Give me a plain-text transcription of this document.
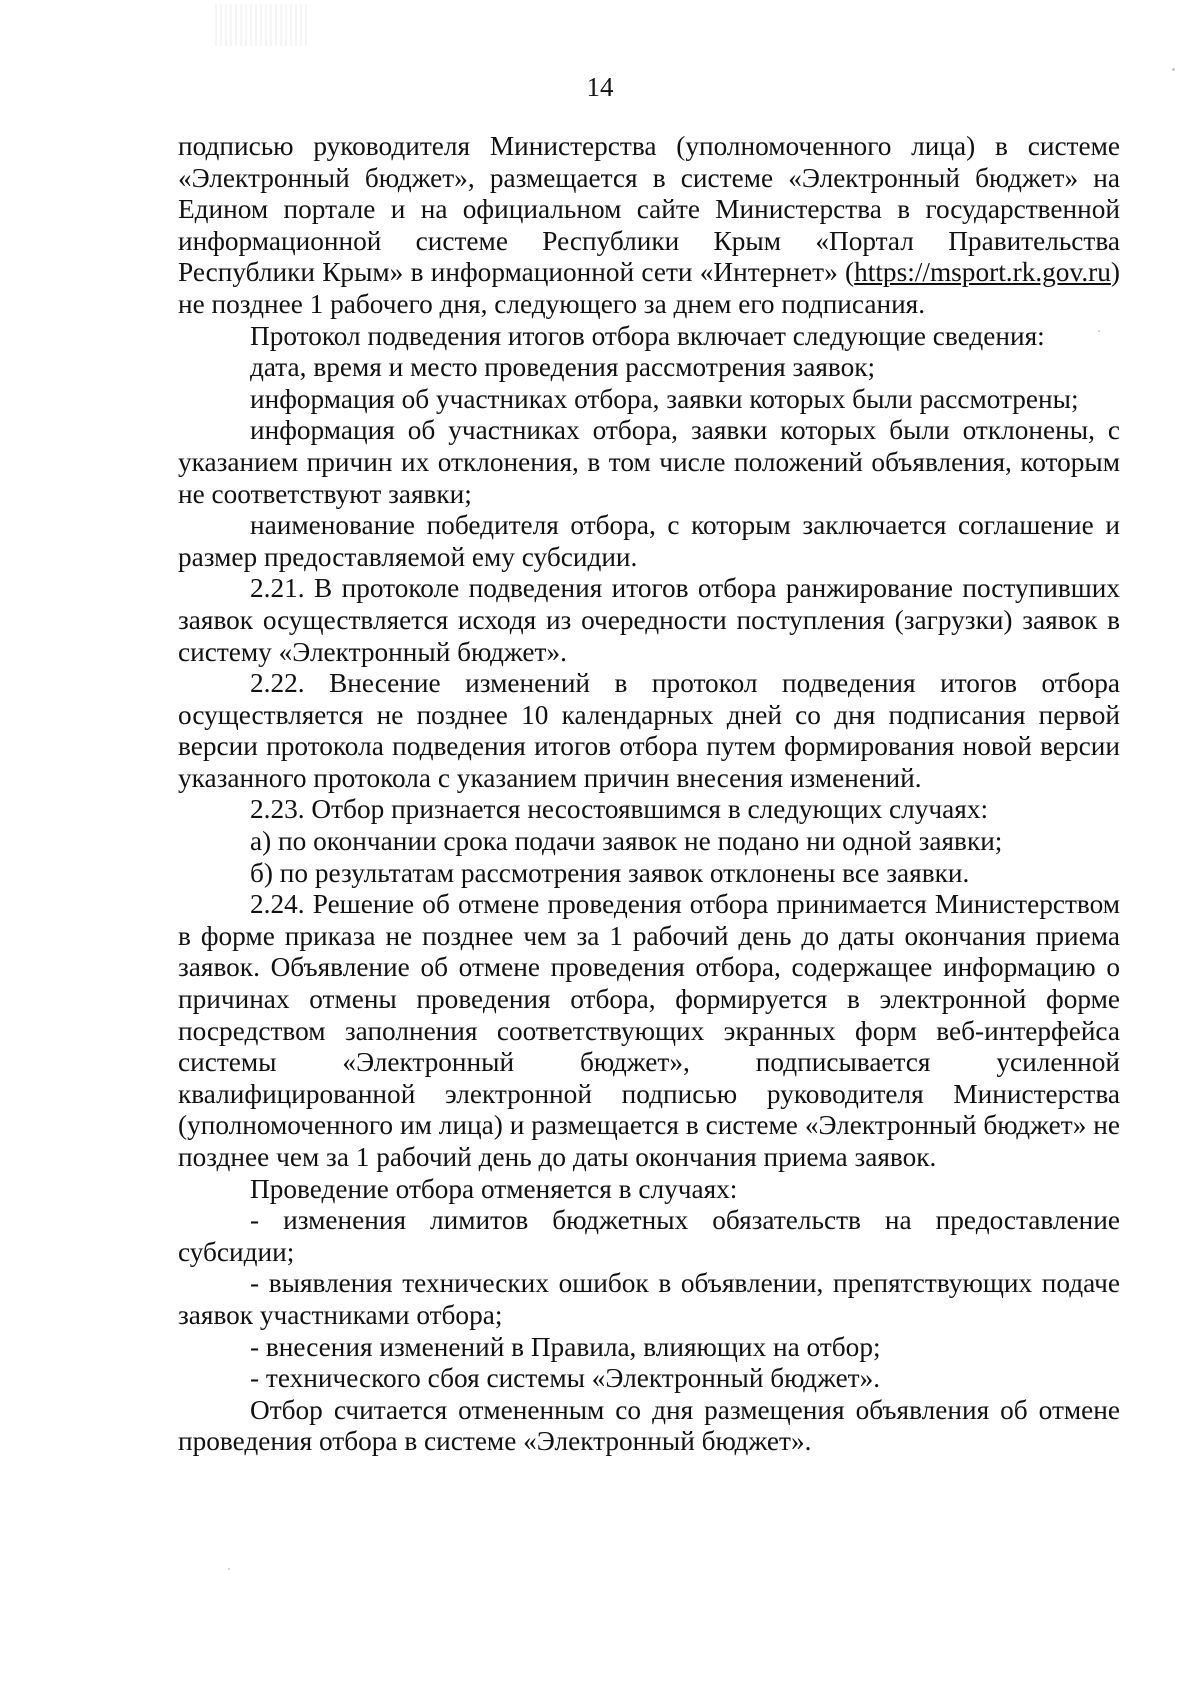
14

подписью руководителя Министерства (уполномоченного лица) в системе «Электронный бюджет», размещается в системе «Электронный бюджет» на Едином портале и на официальном сайте Министерства в государственной информационной системе Республики Крым «Портал Правительства Республики Крым» в информационной сети «Интернет» (https://msport.rk.gov.ru) не позднее 1 рабочего дня, следующего за днем его подписания.

Протокол подведения итогов отбора включает следующие сведения:

дата, время и место проведения рассмотрения заявок;

информация об участниках отбора, заявки которых были рассмотрены;

информация об участниках отбора, заявки которых были отклонены, с указанием причин их отклонения, в том числе положений объявления, которым не соответствуют заявки;

наименование победителя отбора, с которым заключается соглашение и размер предоставляемой ему субсидии.

2.21. В протоколе подведения итогов отбора ранжирование поступивших заявок осуществляется исходя из очередности поступления (загрузки) заявок в систему «Электронный бюджет».

2.22. Внесение изменений в протокол подведения итогов отбора осуществляется не позднее 10 календарных дней со дня подписания первой версии протокола подведения итогов отбора путем формирования новой версии указанного протокола с указанием причин внесения изменений.

2.23. Отбор признается несостоявшимся в следующих случаях:

а) по окончании срока подачи заявок не подано ни одной заявки;

б) по результатам рассмотрения заявок отклонены все заявки.

2.24. Решение об отмене проведения отбора принимается Министерством в форме приказа не позднее чем за 1 рабочий день до даты окончания приема заявок. Объявление об отмене проведения отбора, содержащее информацию о причинах отмены проведения отбора, формируется в электронной форме посредством заполнения соответствующих экранных форм веб-интерфейса системы «Электронный бюджет», подписывается усиленной квалифицированной электронной подписью руководителя Министерства (уполномоченного им лица) и размещается в системе «Электронный бюджет» не позднее чем за 1 рабочий день до даты окончания приема заявок.

Проведение отбора отменяется в случаях:

- изменения лимитов бюджетных обязательств на предоставление субсидии;

- выявления технических ошибок в объявлении, препятствующих подаче заявок участниками отбора;

- внесения изменений в Правила, влияющих на отбор;

- технического сбоя системы «Электронный бюджет».

Отбор считается отмененным со дня размещения объявления об отмене проведения отбора в системе «Электронный бюджет».
